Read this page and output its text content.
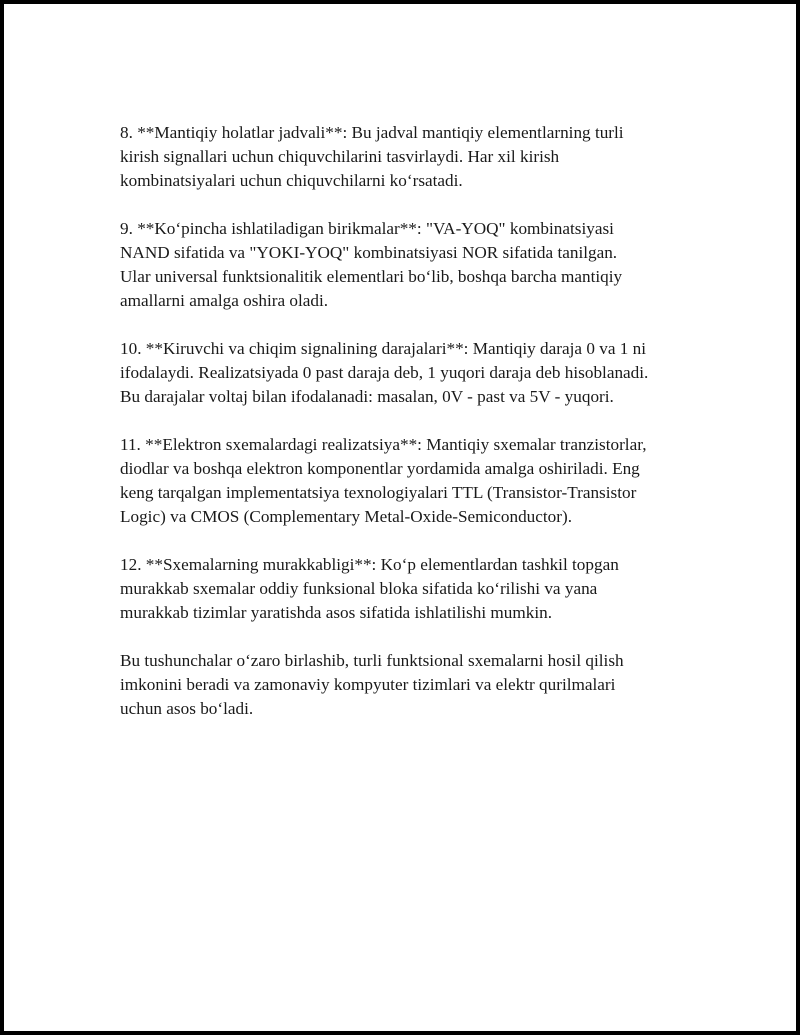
8. **Mantiqiy holatlar jadvali**: Bu jadval mantiqiy elementlarning turli
kirish signallari uchun chiquvchilarini tasvirlaydi. Har xil kirish
kombinatsiyalari uchun chiquvchilarni koʻrsatadi.

9. **Koʻpincha ishlatiladigan birikmalar**: "VA-YOQ" kombinatsiyasi
NAND sifatida va "YOKI-YOQ" kombinatsiyasi NOR sifatida tanilgan.
Ular universal funktsionalitik elementlari boʻlib, boshqa barcha mantiqiy
amallarni amalga oshira oladi.

10. **Kiruvchi va chiqim signalining darajalari**: Mantiqiy daraja 0 va 1 ni
ifodalaydi. Realizatsiyada 0 past daraja deb, 1 yuqori daraja deb hisoblanadi.
Bu darajalar voltaj bilan ifodalanadi: masalan, 0V - past va 5V - yuqori.

11. **Elektron sxemalardagi realizatsiya**: Mantiqiy sxemalar tranzistorlar,
diodlar va boshqa elektron komponentlar yordamida amalga oshiriladi. Eng
keng tarqalgan implementatsiya texnologiyalari TTL (Transistor-Transistor
Logic) va CMOS (Complementary Metal-Oxide-Semiconductor).

12. **Sxemalarning murakkabligi**: Koʻp elementlardan tashkil topgan
murakkab sxemalar oddiy funksional bloka sifatida koʻrilishi va yana
murakkab tizimlar yaratishda asos sifatida ishlatilishi mumkin.

Bu tushunchalar oʻzaro birlashib, turli funktsional sxemalarni hosil qilish
imkonini beradi va zamonaviy kompyuter tizimlari va elektr qurilmalari
uchun asos boʻladi.
